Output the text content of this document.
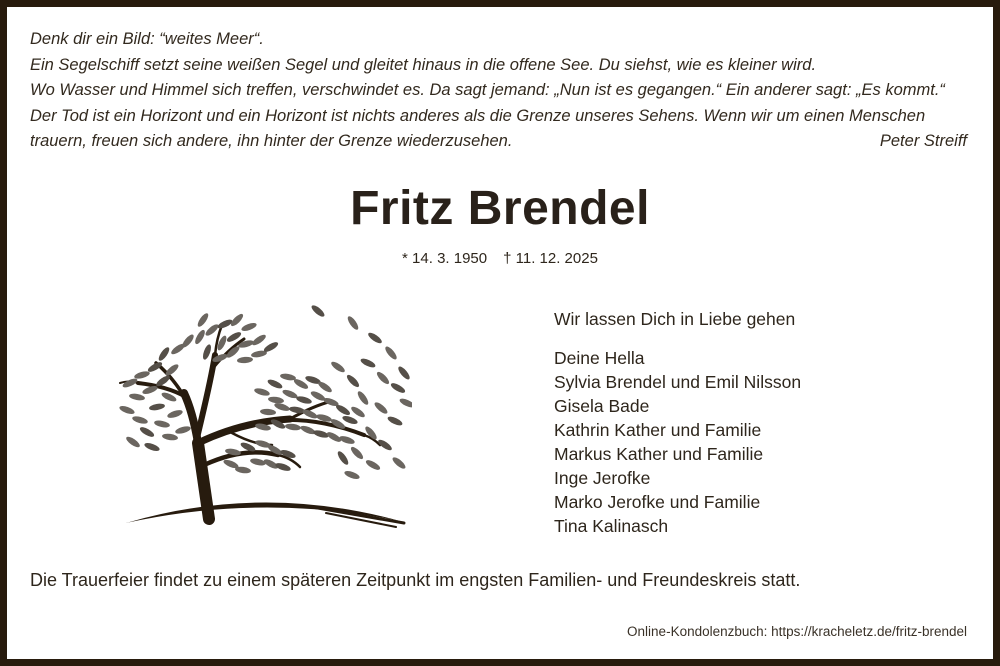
Denk dir ein Bild: “weites Meer“.
Ein Segelschiff setzt seine weißen Segel und gleitet hinaus in die offene See. Du siehst, wie es kleiner wird.
Wo Wasser und Himmel sich treffen, verschwindet es. Da sagt jemand: „Nun ist es gegangen.“ Ein anderer sagt: „Es kommt.“
Der Tod ist ein Horizont und ein Horizont ist nichts anderes als die Grenze unseres Sehens. Wenn wir um einen Menschen
trauern, freuen sich andere, ihn hinter der Grenze wiederzusehen.	Peter Streiff
Fritz Brendel
* 14. 3. 1950 † 11. 12. 2025
Wir lassen Dich in Liebe gehen
Deine Hella
Sylvia Brendel und Emil Nilsson
Gisela Bade
Kathrin Kather und Familie
Markus Kather und Familie
Inge Jerofke
Marko Jerofke und Familie
Tina Kalinasch
Die Trauerfeier findet zu einem späteren Zeitpunkt im engsten Familien- und Freundeskreis statt.
Online-Kondolenzbuch: https://kracheletz.de/fritz-brendel
